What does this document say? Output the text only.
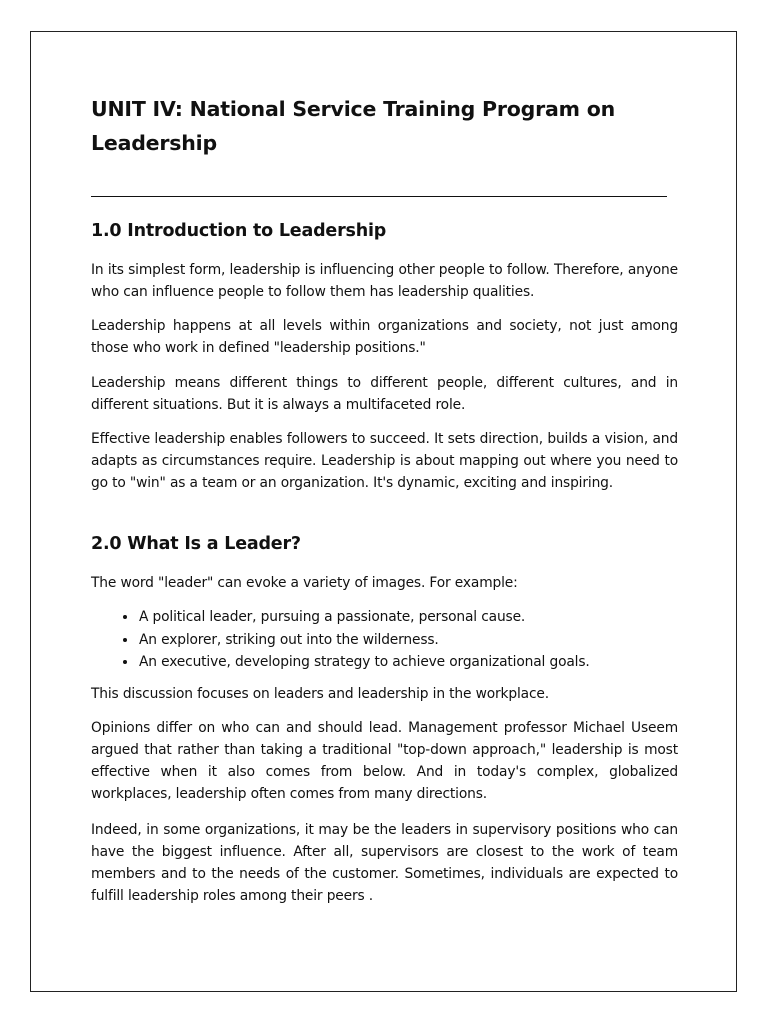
UNIT IV: National Service Training Program on
Leadership
1.0 Introduction to Leadership

In its simplest form, leadership is influencing other people to follow. Therefore, anyone who can influence people to follow them has leadership qualities.

Leadership happens at all levels within organizations and society, not just among those who work in defined "leadership positions."

Leadership means different things to different people, different cultures, and in different situations. But it is always a multifaceted role.

Effective leadership enables followers to succeed. It sets direction, builds a vision, and adapts as circumstances require. Leadership is about mapping out where you need to go to "win" as a team or an organization. It's dynamic, exciting and inspiring.

2.0 What Is a Leader?

The word "leader" can evoke a variety of images. For example:

• A political leader, pursuing a passionate, personal cause.
• An explorer, striking out into the wilderness.
• An executive, developing strategy to achieve organizational goals.

This discussion focuses on leaders and leadership in the workplace.

Opinions differ on who can and should lead. Management professor Michael Useem argued that rather than taking a traditional "top-down approach," leadership is most effective when it also comes from below. And in today's complex, globalized workplaces, leadership often comes from many directions.

Indeed, in some organizations, it may be the leaders in supervisory positions who can have the biggest influence. After all, supervisors are closest to the work of team members and to the needs of the customer. Sometimes, individuals are expected to fulfill leadership roles among their peers .
